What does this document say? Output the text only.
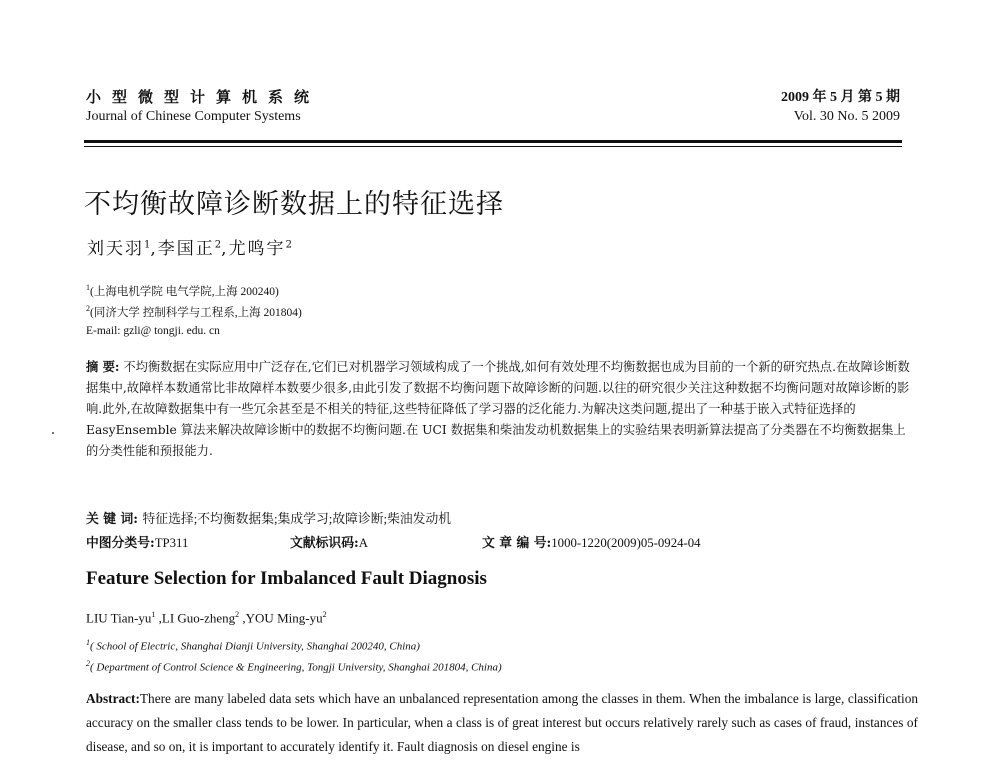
小型微型计算机系统
Journal of Chinese Computer Systems
2009 年 5 月 第 5 期
Vol. 30 No. 5 2009
不均衡故障诊断数据上的特征选择
刘天羽$^1$,李国正$^2$,尤鸣宇$^2$
$^1$(上海电机学院 电气学院,上海 200240)
$^2$(同济大学 控制科学与工程系,上海 201804)
E-mail: gzli@ tongji. edu. cn
摘 要: 不均衡数据在实际应用中广泛存在,它们已对机器学习领域构成了一个挑战,如何有效处理不均衡数据也成为目前的一个新的研究热点.在故障诊断数据集中,故障样本数通常比非故障样本数要少很多,由此引发了数据不均衡问题下故障诊断的问题.以往的研究很少关注这种数据不均衡问题对故障诊断的影响.此外,在故障数据集中有一些冗余甚至是不相关的特征,这些特征降低了学习器的泛化能力.为解决这类问题,提出了一种基于嵌入式特征选择的 EasyEnsemble 算法来解决故障诊断中的数据不均衡问题.在 UCI 数据集和柴油发动机数据集上的实验结果表明新算法提高了分类器在不均衡数据集上的分类性能和预报能力.
关 键 词: 特征选择;不均衡数据集;集成学习;故障诊断;柴油发动机
中图分类号:TP311	文献标识码:A	文 章 编 号:1000-1220(2009)05-0924-04
Feature Selection for Imbalanced Fault Diagnosis
LIU Tian-$yu^1$ ,LI Guo-zheng$^2$ ,YOU Ming-$yu^2$
$^1$( School of Electric, Shanghai Dianji University, Shanghai 200240, China)
$^2$( Department of Control Science & Engineering, Tongji University, Shanghai 201804, China)
Abstract:There are many labeled data sets which have an unbalanced representation among the classes in them. When the imbalance is large, classification accuracy on the smaller class tends to be lower. In particular, when a class is of great interest but occurs relatively rarely such as cases of fraud, instances of disease, and so on, it is important to accurately identify it. Fault diagnosis on diesel engine is
